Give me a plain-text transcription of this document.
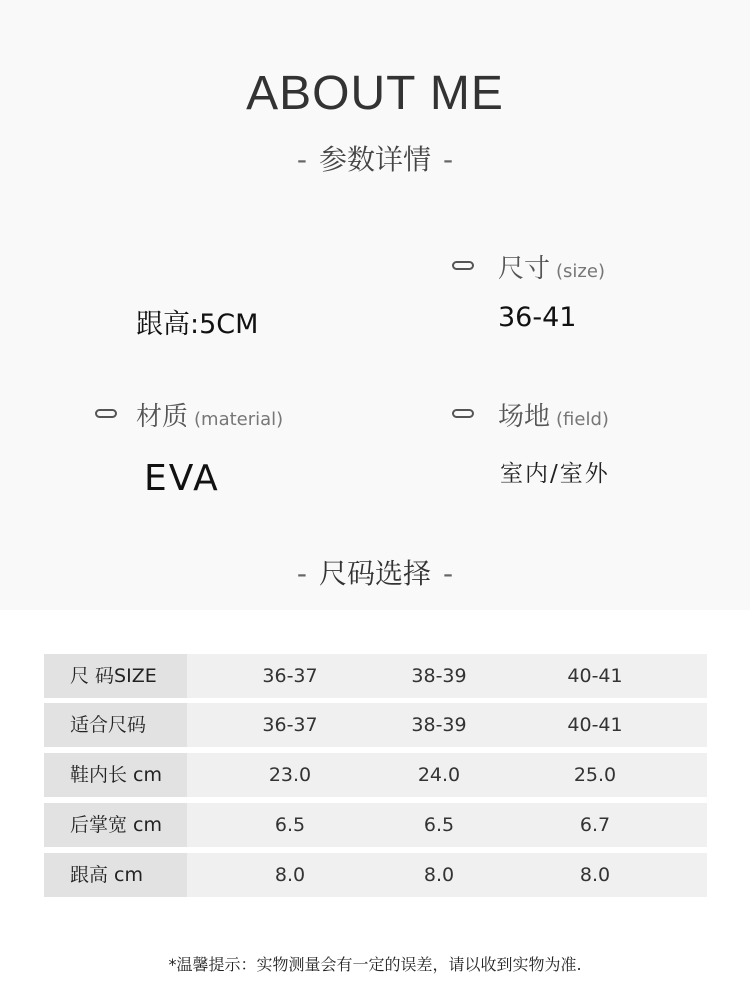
ABOUT ME
- 参数详情 -
尺寸 (size)
跟高:5CM	36-41
材质 (material)	场地 (field)
EVA	室内/室外
- 尺码选择 -
尺 码SIZE	36-37	38-39	40-41
适合尺码	36-37	38-39	40-41
鞋内长 cm	23.0	24.0	25.0
后掌宽 cm	6.5	6.5	6.7
跟高 cm	8.0	8.0	8.0
*温馨提示：实物测量会有一定的误差，请以收到实物为准.
